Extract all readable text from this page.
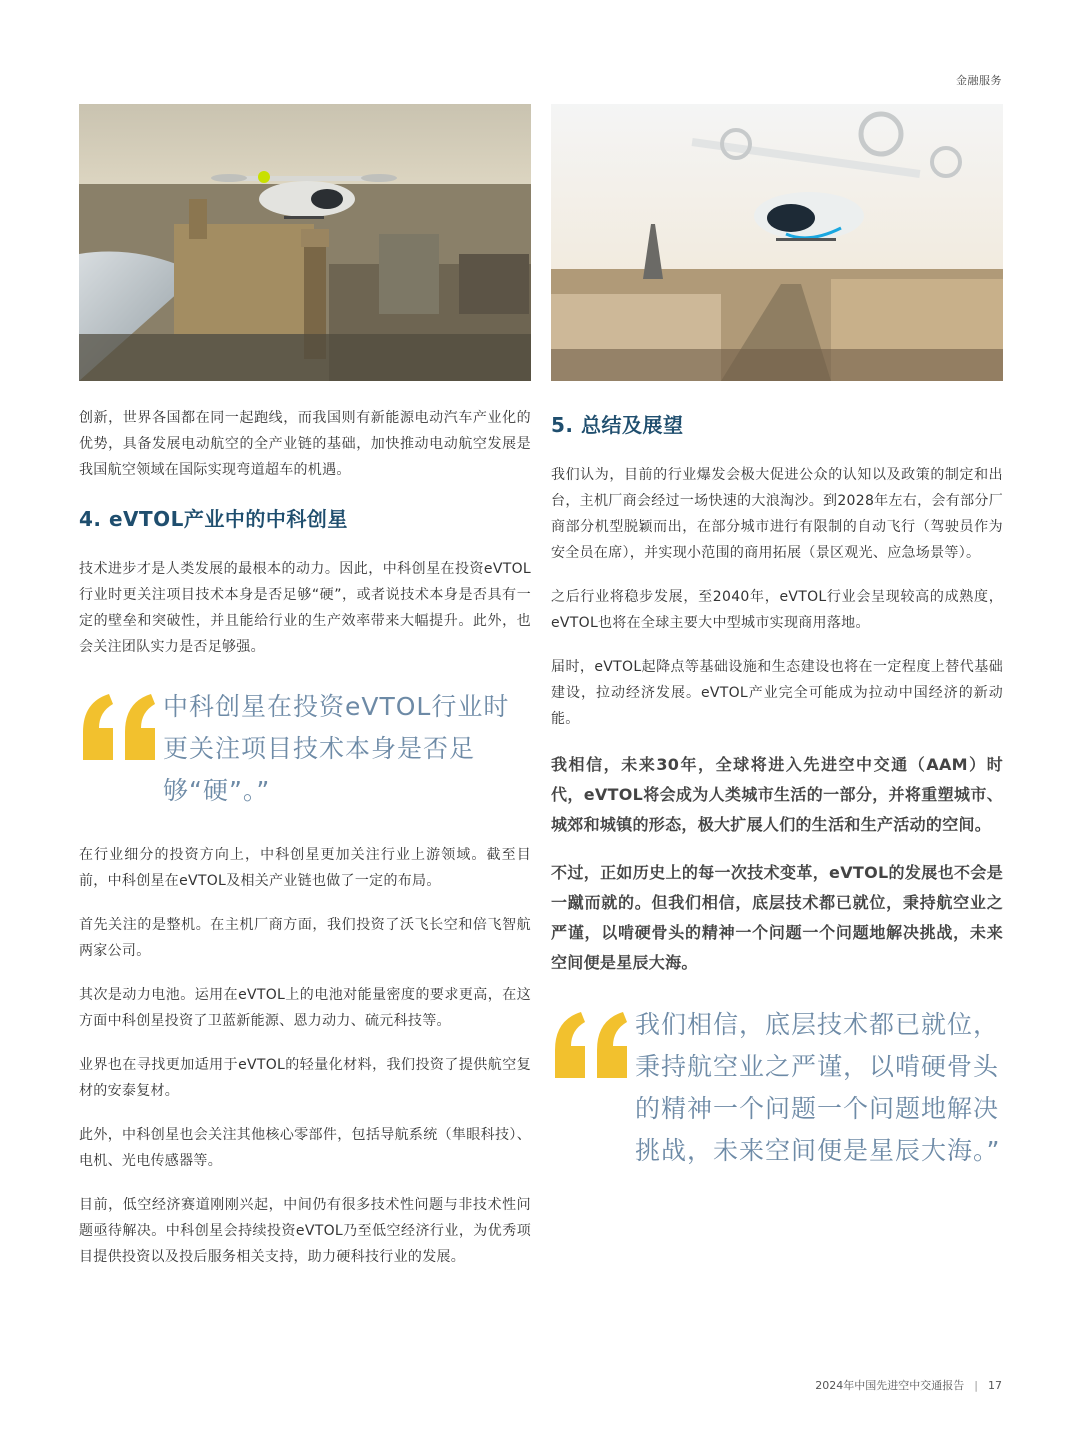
金融服务

创新，世界各国都在同一起跑线，而我国则有新能源电动汽车产业化的优势，具备发展电动航空的全产业链的基础，加快推动电动航空发展是我国航空领域在国际实现弯道超车的机遇。

4. eVTOL产业中的中科创星

技术进步才是人类发展的最根本的动力。因此，中科创星在投资eVTOL行业时更关注项目技术本身是否足够“硬”，或者说技术本身是否具有一定的壁垒和突破性，并且能给行业的生产效率带来大幅提升。此外，也会关注团队实力是否足够强。

中科创星在投资eVTOL行业时更关注项目技术本身是否足够“硬”。”

在行业细分的投资方向上，中科创星更加关注行业上游领域。截至目前，中科创星在eVTOL及相关产业链也做了一定的布局。

首先关注的是整机。在主机厂商方面，我们投资了沃飞长空和倍飞智航两家公司。

其次是动力电池。运用在eVTOL上的电池对能量密度的要求更高，在这方面中科创星投资了卫蓝新能源、恩力动力、硫元科技等。

业界也在寻找更加适用于eVTOL的轻量化材料，我们投资了提供航空复材的安泰复材。

此外，中科创星也会关注其他核心零部件，包括导航系统（隼眼科技）、电机、光电传感器等。

目前，低空经济赛道刚刚兴起，中间仍有很多技术性问题与非技术性问题亟待解决。中科创星会持续投资eVTOL乃至低空经济行业，为优秀项目提供投资以及投后服务相关支持，助力硬科技行业的发展。

5. 总结及展望

我们认为，目前的行业爆发会极大促进公众的认知以及政策的制定和出台，主机厂商会经过一场快速的大浪淘沙。到2028年左右，会有部分厂商部分机型脱颖而出，在部分城市进行有限制的自动飞行（驾驶员作为安全员在席），并实现小范围的商用拓展（景区观光、应急场景等）。

之后行业将稳步发展，至2040年，eVTOL行业会呈现较高的成熟度，eVTOL也将在全球主要大中型城市实现商用落地。

届时，eVTOL起降点等基础设施和生态建设也将在一定程度上替代基础建设，拉动经济发展。eVTOL产业完全可能成为拉动中国经济的新动能。

我相信，未来30年，全球将进入先进空中交通（AAM）时代，eVTOL将会成为人类城市生活的一部分，并将重塑城市、城郊和城镇的形态，极大扩展人们的生活和生产活动的空间。

不过，正如历史上的每一次技术变革，eVTOL的发展也不会是一蹴而就的。但我们相信，底层技术都已就位，秉持航空业之严谨，以啃硬骨头的精神一个问题一个问题地解决挑战，未来空间便是星辰大海。

我们相信，底层技术都已就位，秉持航空业之严谨，以啃硬骨头的精神一个问题一个问题地解决挑战，未来空间便是星辰大海。”
2024年中国先进空中交通报告 | 17
